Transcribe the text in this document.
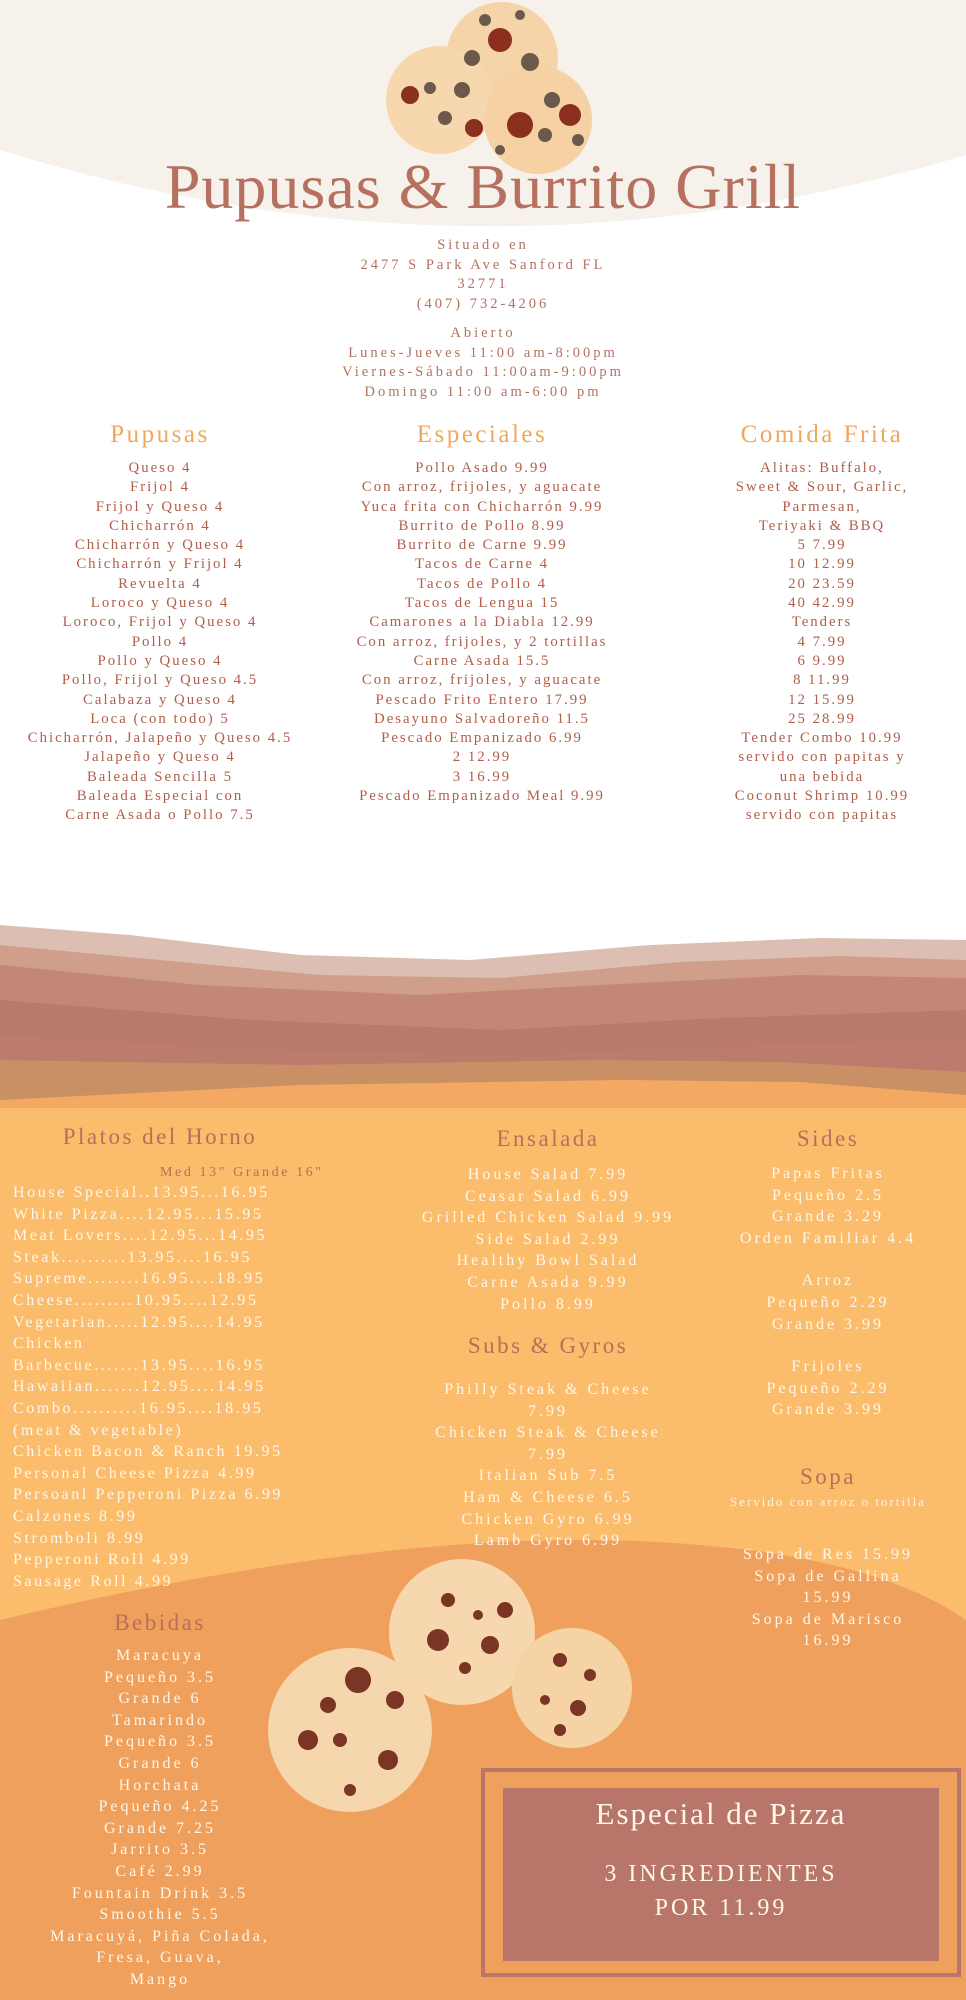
Pupusas & Burrito Grill
Situado en
2477 S Park Ave Sanford FL
32771
(407) 732-4206
Abierto
Lunes-Jueves 11:00 am-8:00pm
Viernes-Sábado 11:00am-9:00pm
Domingo 11:00 am-6:00 pm
Pupusas
Queso 4
Frijol 4
Frijol y Queso 4
Chicharrón 4
Chicharrón y Queso 4
Chicharrón y Frijol 4
Revuelta 4
Loroco y Queso 4
Loroco, Frijol y Queso 4
Pollo 4
Pollo y Queso 4
Pollo, Frijol y Queso 4.5
Calabaza y Queso 4
Loca (con todo) 5
Chicharrón, Jalapeño y Queso 4.5
Jalapeño y Queso 4
Baleada Sencilla 5
Baleada Especial con
Carne Asada o Pollo 7.5
Especiales
Pollo Asado 9.99
Con arroz, frijoles, y aguacate
Yuca frita con Chicharrón 9.99
Burrito de Pollo 8.99
Burrito de Carne 9.99
Tacos de Carne 4
Tacos de Pollo 4
Tacos de Lengua 15
Camarones a la Diabla 12.99
Con arroz, frijoles, y 2 tortillas
Carne Asada 15.5
Con arroz, frijoles, y aguacate
Pescado Frito Entero 17.99
Desayuno Salvadoreño 11.5
Pescado Empanizado 6.99
2 12.99
3 16.99
Pescado Empanizado Meal 9.99
Comida Frita
Alitas: Buffalo,
Sweet & Sour, Garlic,
Parmesan,
Teriyaki & BBQ
5 7.99
10 12.99
20 23.59
40 42.99
Tenders
4 7.99
6 9.99
8 11.99
12 15.99
25 28.99
Tender Combo 10.99
servido con papitas y
una bebida
Coconut Shrimp 10.99
servido con papitas
Platos del Horno
Med 13" Grande 16"
House Special..13.95...16.95
White Pizza....12.95...15.95
Meat Lovers....12.95...14.95
Steak..........13.95....16.95
Supreme........16.95....18.95
Cheese.........10.95....12.95
Vegetarian.....12.95....14.95
Chicken
Barbecue.......13.95....16.95
Hawaiian.......12.95....14.95
Combo..........16.95....18.95
(meat & vegetable)
Chicken Bacon & Ranch 19.95
Personal Cheese Pizza 4.99
Persoanl Pepperoni Pizza 6.99
Calzones 8.99
Stromboli 8.99
Pepperoni Roll 4.99
Sausage Roll 4.99
Ensalada
House Salad 7.99
Ceasar Salad 6.99
Grilled Chicken Salad 9.99
Side Salad 2.99
Healthy Bowl Salad
Carne Asada 9.99
Pollo 8.99
Subs & Gyros
Philly Steak & Cheese
7.99
Chicken Steak & Cheese
7.99
Italian Sub 7.5
Ham & Cheese 6.5
Chicken Gyro 6.99
Lamb Gyro 6.99
Sides
Papas Fritas
Pequeño 2.5
Grande 3.29
Orden Familiar 4.4
Arroz
Pequeño 2.29
Grande 3.99
Frijoles
Pequeño 2.29
Grande 3.99
Sopa
Servido con arroz o tortilla
Sopa de Res 15.99
Sopa de Gallina
15.99
Sopa de Marisco
16.99
Bebidas
Maracuya
Pequeño 3.5
Grande 6
Tamarindo
Pequeño 3.5
Grande 6
Horchata
Pequeño 4.25
Grande 7.25
Jarrito 3.5
Café 2.99
Fountain Drink 3.5
Smoothie 5.5
Maracuyá, Piña Colada,
Fresa, Guava,
Mango
Especial de Pizza
3 INGREDIENTES
POR 11.99
